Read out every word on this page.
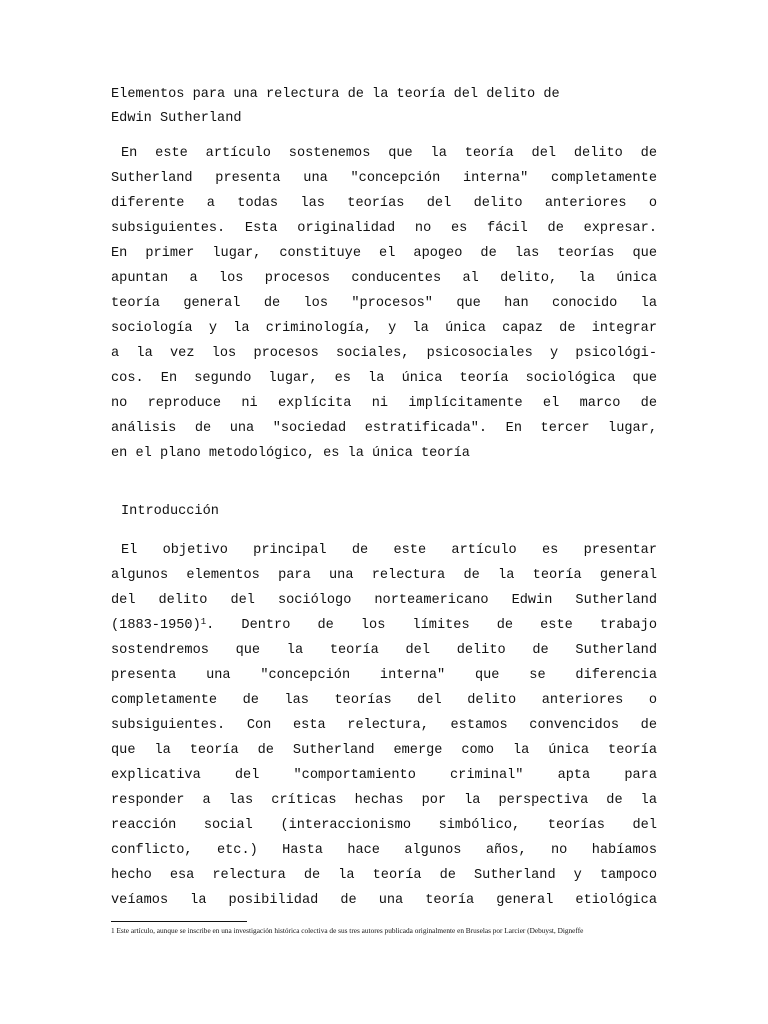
Elementos para una relectura de la teoría del delito de
Edwin Sutherland
En este artículo sostenemos que la teoría del delito de
Sutherland presenta una "concepción interna" completamente
diferente a todas las teorías del delito anteriores o
subsiguientes. Esta originalidad no es fácil de expresar.
En primer lugar, constituye el apogeo de las teorías que
apuntan a los procesos conducentes al delito, la única
teoría general de los "procesos" que han conocido la
sociología y la criminología, y la única capaz de integrar
a la vez los procesos sociales, psicosociales y psicológi-
cos. En segundo lugar, es la única teoría sociológica que
no reproduce ni explícita ni implícitamente el marco de
análisis de una "sociedad estratificada". En tercer lugar,
en el plano metodológico, es la única teoría
Introducción
El objetivo principal de este artículo es presentar
algunos elementos para una relectura de la teoría general
del delito del sociólogo norteamericano Edwin Sutherland
(1883-1950)$^1$. Dentro de los límites de este trabajo
sostendremos que la teoría del delito de Sutherland
presenta una "concepción interna" que se diferencia
completamente de las teorías del delito anteriores o
subsiguientes. Con esta relectura, estamos convencidos de
que la teoría de Sutherland emerge como la única teoría
explicativa del "comportamiento criminal" apta para
responder a las críticas hechas por la perspectiva de la
reacción social (interaccionismo simbólico, teorías del
conflicto, etc.) Hasta hace algunos años, no habíamos
hecho esa relectura de la teoría de Sutherland y tampoco
veíamos la posibilidad de una teoría general etiológica
1 Este artículo, aunque se inscribe en una investigación histórica colectiva de sus tres autores publicada originalmente en Bruselas por Larcier (Debuyst, Digneffe
